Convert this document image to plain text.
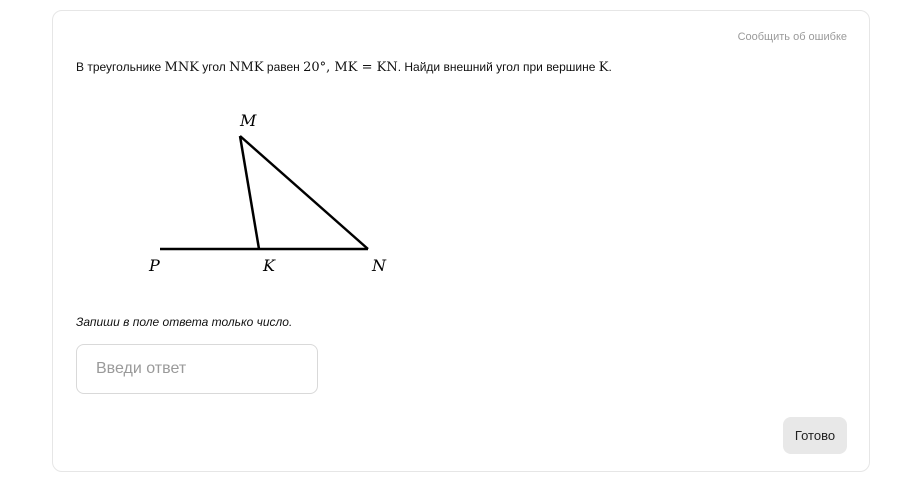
Сообщить об ошибке
В треугольнике MNK угол NMK равен 20°, MK = KN. Найди внешний угол при вершине K.
M
P	K	N
Запиши в поле ответа только число.
Введи ответ
Готово
